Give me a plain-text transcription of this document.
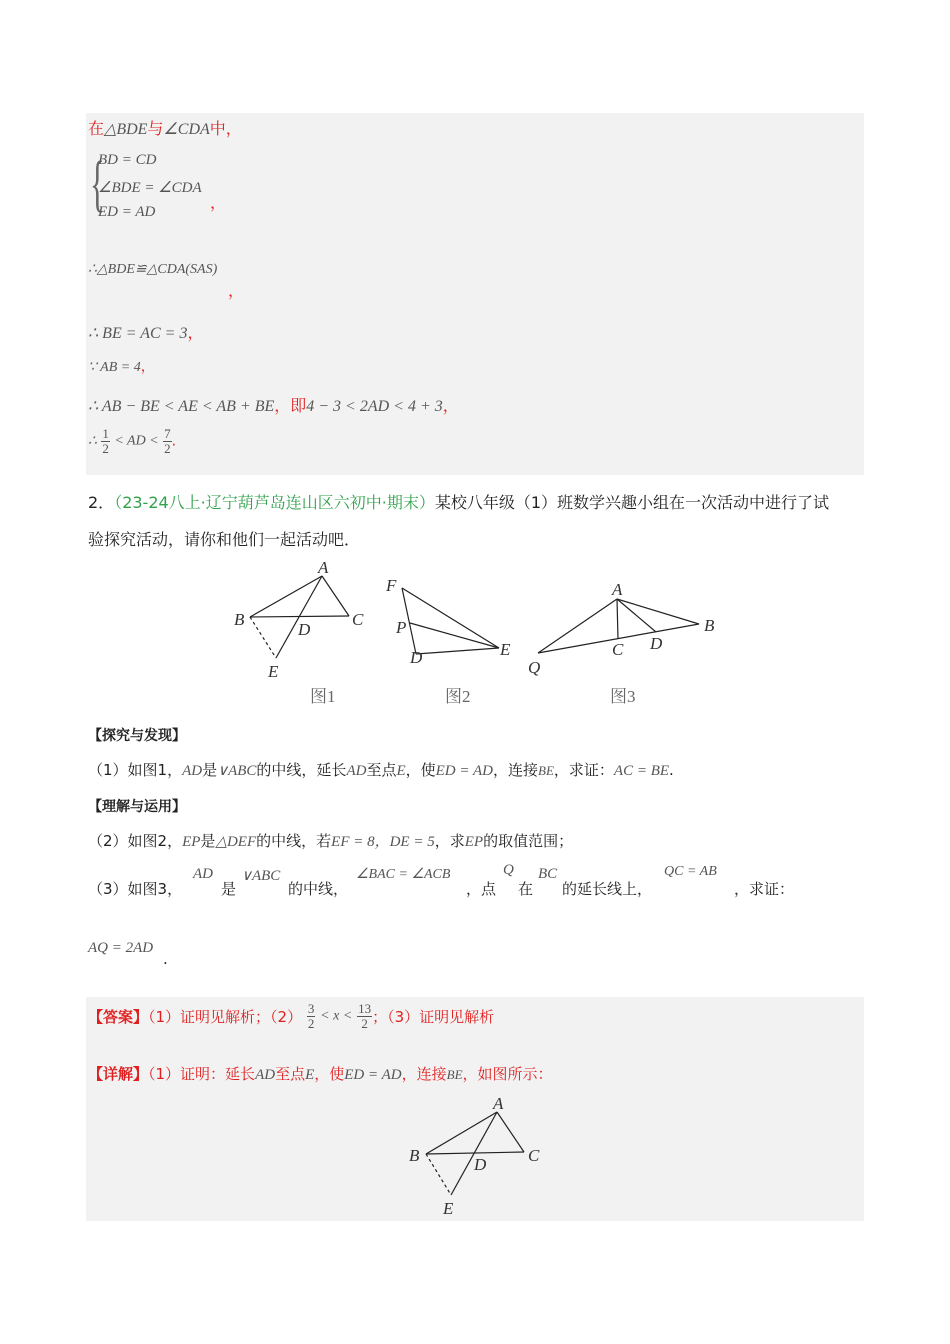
在△BDE与∠CDA中，
{
BD = CD
∠BDE = ∠CDA
ED = AD	，
∴△BDE≌△CDA(SAS)
，
∴ BE = AC = 3，
∵ AB = 4，
∴ AB − BE < AE < AB + BE，即4 − 3 < 2AD < 4 + 3，
∴ $\frac{1}{2}$ < AD < $\frac{7}{2}$ .
2．（23-24八上·辽宁葫芦岛连山区六初中·期末）某校八年级（1）班数学兴趣小组在一次活动中进行了试
验探究活动，请你和他们一起活动吧．
A
B	C
D
E
图1
F
P
D	E
图2
A
B
C D
Q
图3
【探究与发现】
（1）如图1，AD是∨ABC的中线，延长AD至点E，使ED = AD，连接BE，求证：AC = BE.
【理解与运用】
（2）如图2，EP是△DEF的中线，若EF = 8，DE = 5，求EP的取值范围；
（3）如图3，
AD
是
∨ABC
的中线，
∠BAC = ∠ACB
，点
Q
在
BC
的延长线上，
QC = AB
，求证：
AQ = 2AD
.
【答案】（1）证明见解析；$(2) \frac{3}{2} < x < \frac{13}{2}$ ；（3）证明见解析
【详解】（1）证明：延长AD至点E，使ED = AD，连接BE，如图所示：
A
B	C
D
E
